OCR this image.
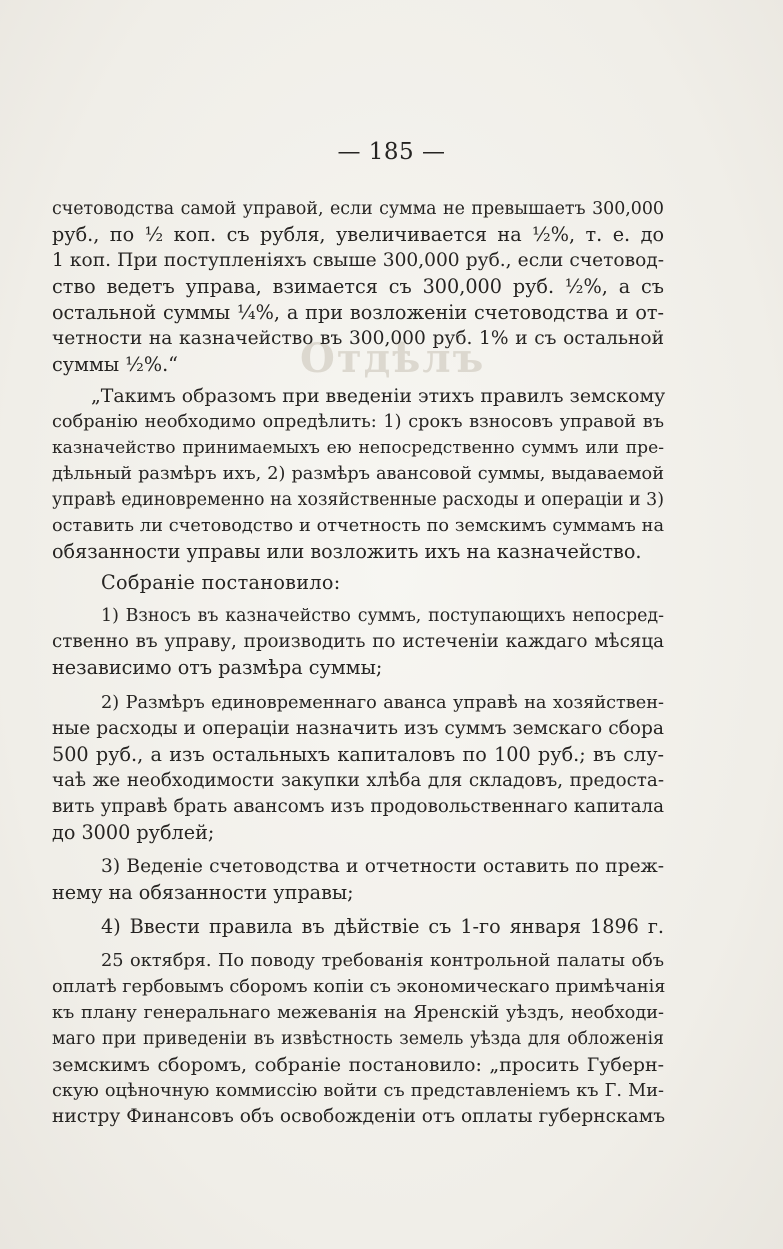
Отдѣлъ
— 185 —
счетоводства самой управой, если сумма не превышаетъ 300,000
руб., по ½ коп. съ рубля, увеличивается на ½%, т. е. до
1 коп. При поступленіяхъ свыше 300,000 руб., если счетовод-
ство ведетъ управа, взимается съ 300,000 руб. ½%, а съ
остальной суммы ¼%, а при возложеніи счетоводства и от-
четности на казначейство въ 300,000 руб. 1% и съ остальной
суммы ½%.“
„Такимъ образомъ при введеніи этихъ правилъ земскому
собранію необходимо опредѣлить: 1) срокъ взносовъ управой въ
казначейство принимаемыхъ ею непосредственно суммъ или пре-
дѣльный размѣръ ихъ, 2) размѣръ авансовой суммы, выдаваемой
управѣ единовременно на хозяйственные расходы и операціи и 3)
оставить ли счетоводство и отчетность по земскимъ суммамъ на
обязанности управы или возложить ихъ на казначейство.
Собраніе постановило:
1) Взносъ въ казначейство суммъ, поступающихъ непосред-
ственно въ управу, производить по истеченіи каждаго мѣсяца
независимо отъ размѣра суммы;
2) Размѣръ единовременнаго аванса управѣ на хозяйствен-
ные расходы и операціи назначить изъ суммъ земскаго сбора
500 руб., а изъ остальныхъ капиталовъ по 100 руб.; въ слу-
чаѣ же необходимости закупки хлѣба для складовъ, предоста-
вить управѣ брать авансомъ изъ продовольственнаго капитала
до 3000 рублей;
3) Веденіе счетоводства и отчетности оставить по преж-
нему на обязанности управы;
4) Ввести правила въ дѣйствіе съ 1-го января 1896 г.
25 октября. По поводу требованія контрольной палаты объ
оплатѣ гербовымъ сборомъ копіи съ экономическаго примѣчанія
къ плану генеральнаго межеванія на Яренскій уѣздъ, необходи-
маго при приведеніи въ извѣстность земель уѣзда для обложенія
земскимъ сборомъ, собраніе постановило: „просить Губерн-
скую оцѣночную коммиссію войти съ представленіемъ къ Г. Ми-
нистру Финансовъ объ освобожденіи отъ оплаты губернскамъ
